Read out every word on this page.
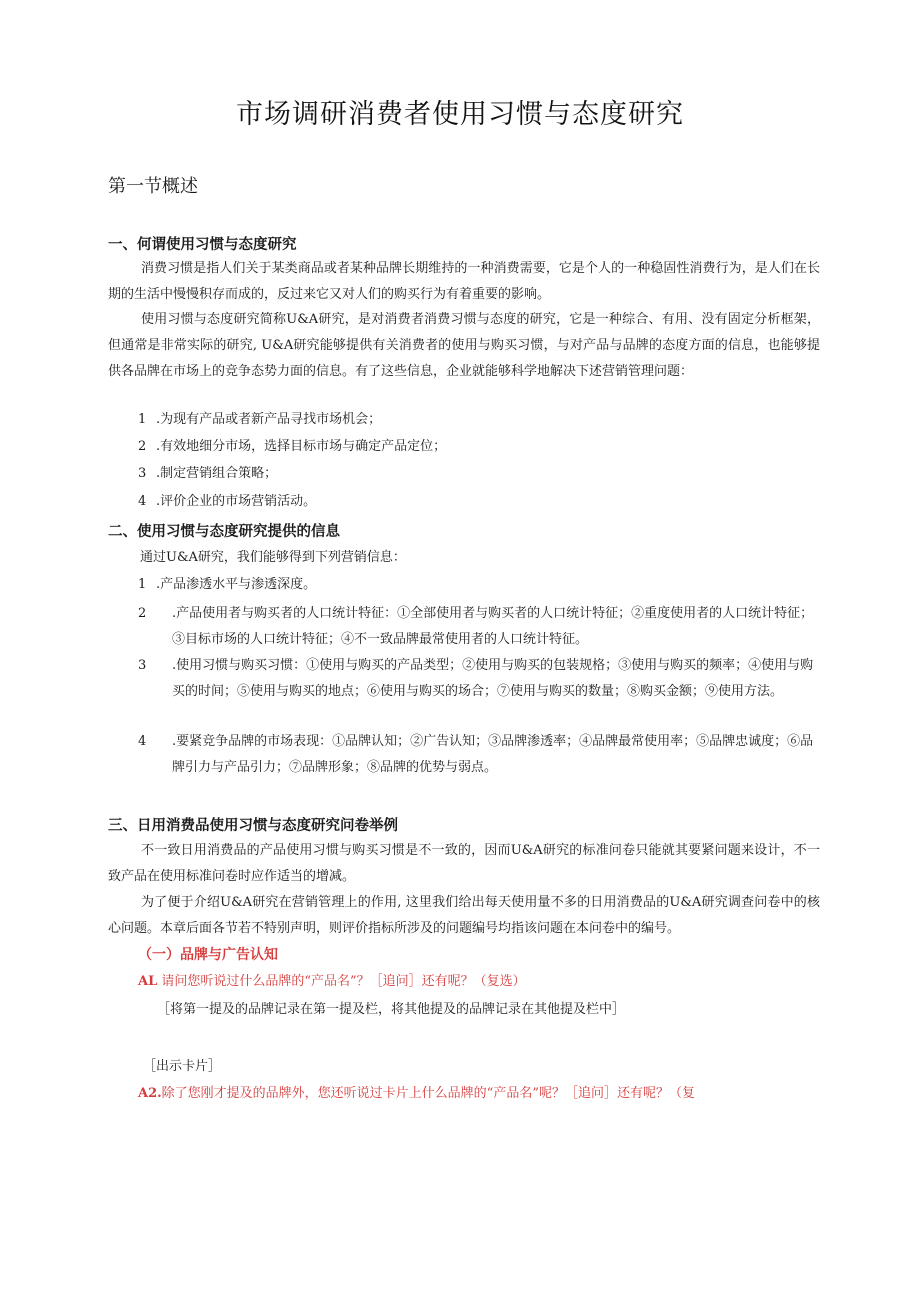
市场调研消费者使用习惯与态度研究
第一节概述
一、何谓使用习惯与态度研究

消费习惯是指人们关于某类商品或者某种品牌长期维持的一种消费需要，它是个人的一种稳固性消费行为，是人们在长期的生活中慢慢积存而成的，反过来它又对人们的购买行为有着重要的影响。

使用习惯与态度研究简称U&A研究，是对消费者消费习惯与态度的研究，它是一种综合、有用、没有固定分析框架，但通常是非常实际的研究, U&A研究能够提供有关消费者的使用与购买习惯，与对产品与品牌的态度方面的信息，也能够提供各品牌在市场上的竞争态势力面的信息。有了这些信息，企业就能够科学地解决下述营销管理问题：

1 .为现有产品或者新产品寻找市场机会；
2 .有效地细分市场，选择目标市场与确定产品定位；
3 .制定营销组合策略；
4 .评价企业的市场营销活动。
二、使用习惯与态度研究提供的信息
通过U&A研究，我们能够得到下列营销信息：
1 .产品渗透水平与渗透深度。
2	.产品使用者与购买者的人口统计特征：①全部使用者与购买者的人口统计特征；②重度使用者的人口统计特征；③目标市场的人口统计特征；④不一致品牌最常使用者的人口统计特征。
3	.使用习惯与购买习惯：①使用与购买的产品类型；②使用与购买的包装规格；③使用与购买的频率；④使用与购买的时间；⑤使用与购买的地点；⑥使用与购买的场合；⑦使用与购买的数量；⑧购买金额；⑨使用方法。
4	.要紧竞争品牌的市场表现：①品牌认知；②广告认知；③品牌渗透率；④品牌最常使用率；⑤品牌忠诚度；⑥品牌引力与产品引力；⑦品牌形象；⑧品牌的优势与弱点。
三、日用消费品使用习惯与态度研究问卷举例

不一致日用消费品的产品使用习惯与购买习惯是不一致的，因而U&A研究的标准问卷只能就其要紧问题来设计，不一致产品在使用标准问卷时应作适当的增减。

为了便于介绍U&A研究在营销管理上的作用, 这里我们给出每天使用量不多的日用消费品的U&A研究调查问卷中的核心问题。本章后面各节若不特别声明，则评价指标所涉及的问题编号均指该问题在本问卷中的编号。

（一）品牌与广告认知
AL 请问您听说过什么品牌的“产品名”？［追问］还有呢？（复选）
［将第一提及的品牌记录在第一提及栏，将其他提及的品牌记录在其他提及栏中］
［出示卡片］
A2.除了您刚才提及的品牌外，您还听说过卡片上什么品牌的“产品名”呢？［追问］还有呢？（复
